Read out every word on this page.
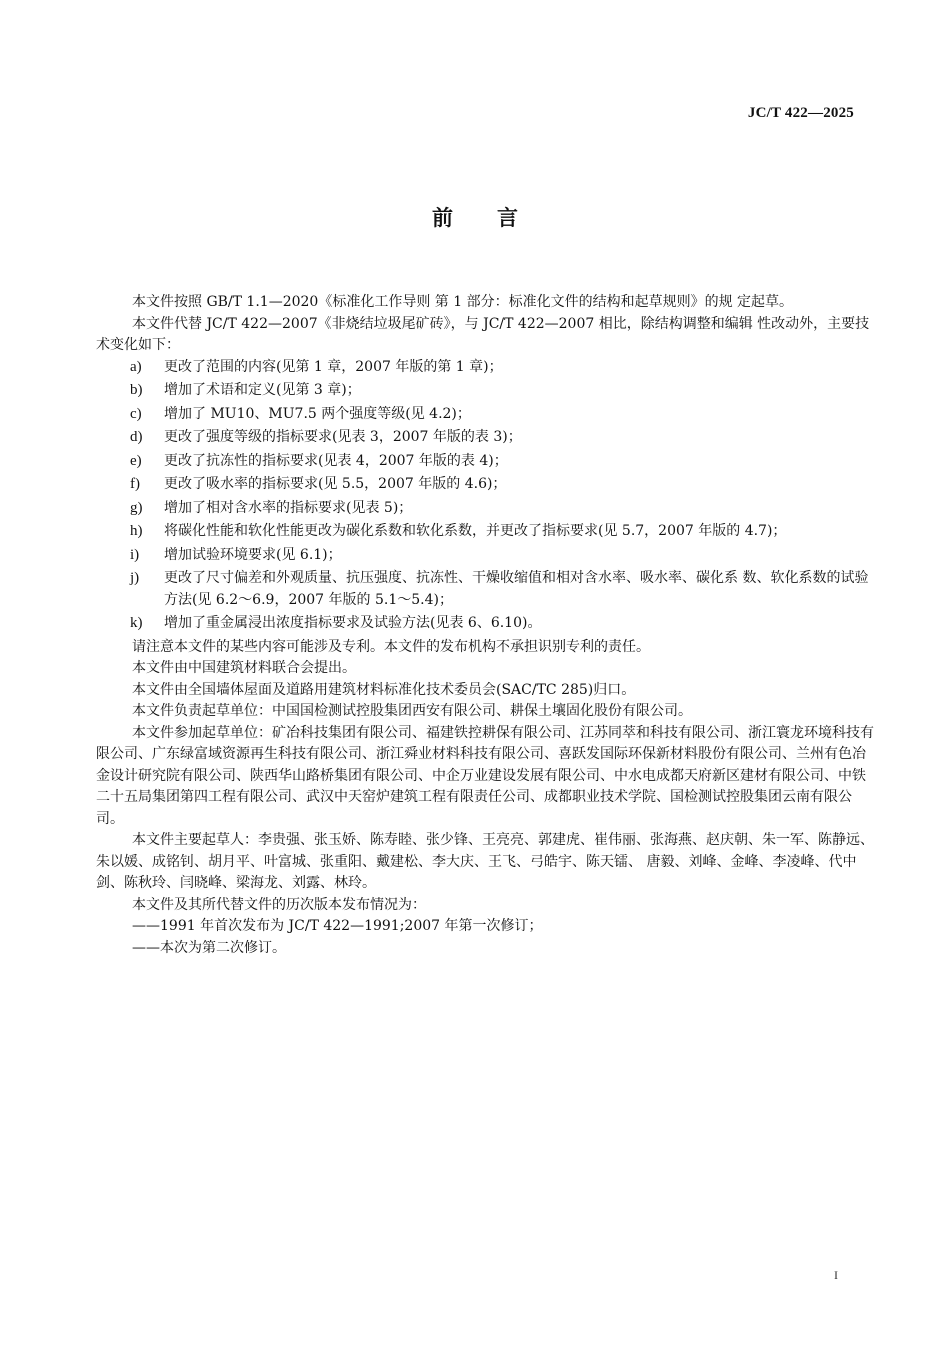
JC/T 422—2025
前言

本文件按照 GB/T 1.1—2020《标准化工作导则 第 1 部分：标准化文件的结构和起草规则》的规 定起草。

本文件代替 JC/T 422—2007《非烧结垃圾尾矿砖》，与 JC/T 422—2007 相比，除结构调整和编辑 性改动外，主要技术变化如下：

a)	更改了范围的内容(见第 1 章，2007 年版的第 1 章)；
b)	增加了术语和定义(见第 3 章)；
c)	增加了 MU10、MU7.5 两个强度等级(见 4.2)；
d)	更改了强度等级的指标要求(见表 3，2007 年版的表 3)；
e)	更改了抗冻性的指标要求(见表 4，2007 年版的表 4)；
f)	更改了吸水率的指标要求(见 5.5，2007 年版的 4.6)；
g)	增加了相对含水率的指标要求(见表 5)；
h)	将碳化性能和软化性能更改为碳化系数和软化系数，并更改了指标要求(见 5.7，2007 年版的 4.7)；
i)	增加试验环境要求(见 6.1)；
j)	更改了尺寸偏差和外观质量、抗压强度、抗冻性、干燥收缩值和相对含水率、吸水率、碳化系 数、软化系数的试验方法(见 6.2～6.9，2007 年版的 5.1～5.4)；
k)	增加了重金属浸出浓度指标要求及试验方法(见表 6、6.10)。

请注意本文件的某些内容可能涉及专利。本文件的发布机构不承担识别专利的责任。

本文件由中国建筑材料联合会提出。

本文件由全国墙体屋面及道路用建筑材料标准化技术委员会(SAC/TC 285)归口。

本文件负责起草单位：中国国检测试控股集团西安有限公司、耕保土壤固化股份有限公司。

本文件参加起草单位：矿冶科技集团有限公司、福建铁控耕保有限公司、江苏同萃和科技有限公司、浙江寰龙环境科技有限公司、广东绿富域资源再生科技有限公司、浙江舜业材料科技有限公司、喜跃发国际环保新材料股份有限公司、兰州有色冶金设计研究院有限公司、陕西华山路桥集团有限公司、中企万业建设发展有限公司、中水电成都天府新区建材有限公司、中铁二十五局集团第四工程有限公司、武汉中天窑炉建筑工程有限责任公司、成都职业技术学院、国检测试控股集团云南有限公司。

本文件主要起草人：李贵强、张玉娇、陈寿睦、张少锋、王亮亮、郭建虎、崔伟丽、张海燕、赵庆朝、朱一军、陈静远、朱以媛、成铭钊、胡月平、叶富城、张重阳、戴建松、李大庆、王飞、弓皓宇、陈天镭、 唐毅、刘峰、金峰、李凌峰、代中剑、陈秋玲、闫晓峰、梁海龙、刘露、林玲。

本文件及其所代替文件的历次版本发布情况为：

——1991 年首次发布为 JC/T 422—1991;2007 年第一次修订；

——本次为第二次修订。

I
